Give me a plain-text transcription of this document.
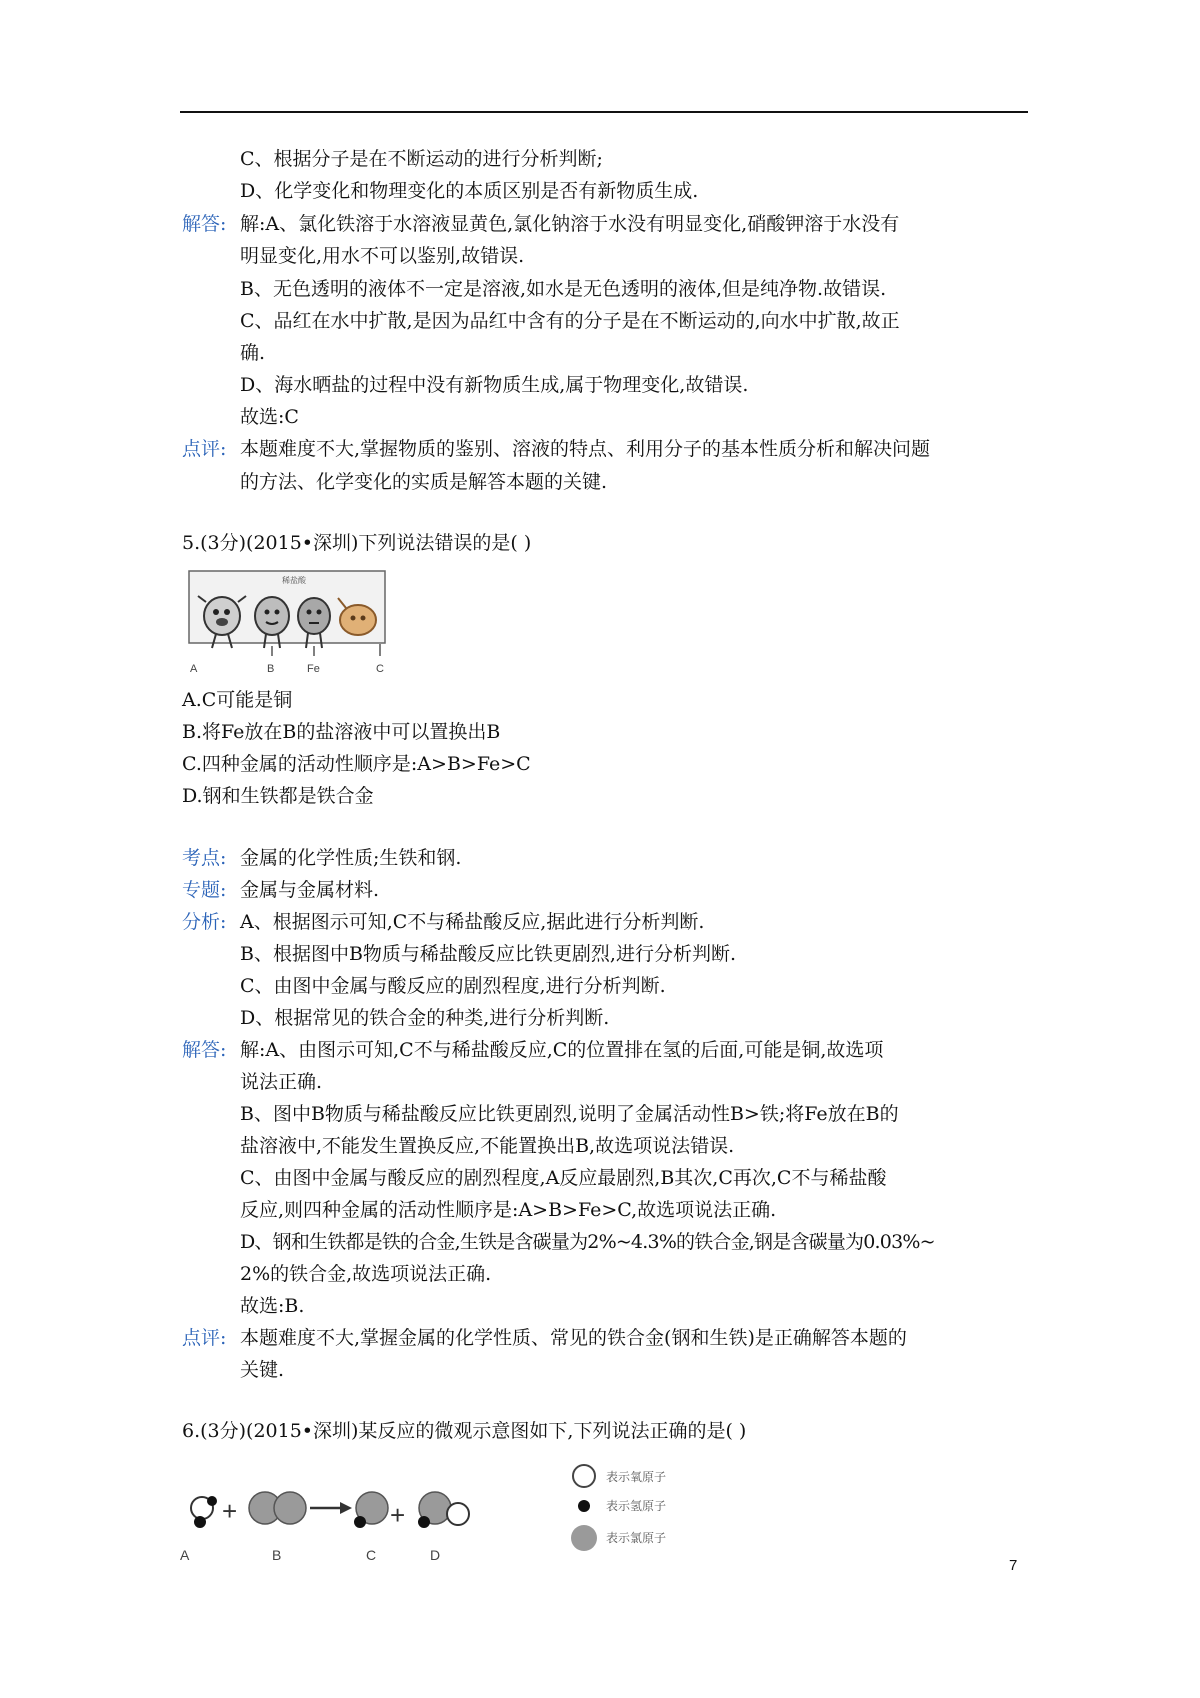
C、根据分子是在不断运动的进行分析判断;
D、化学变化和物理变化的本质区别是否有新物质生成.
解答: 解:A、氯化铁溶于水溶液显黄色,氯化钠溶于水没有明显变化,硝酸钾溶于水没有
明显变化,用水不可以鉴别,故错误.
B、无色透明的液体不一定是溶液,如水是无色透明的液体,但是纯净物.故错误.
C、品红在水中扩散,是因为品红中含有的分子是在不断运动的,向水中扩散,故正
确.
D、海水晒盐的过程中没有新物质生成,属于物理变化,故错误.
故选:C
点评: 本题难度不大,掌握物质的鉴别、溶液的特点、利用分子的基本性质分析和解决问题
的方法、化学变化的实质是解答本题的关键.
5.(3分)(2015•深圳)下列说法错误的是( )
稀盐酸
A	B	Fe	C
A.C可能是铜
B.将Fe放在B的盐溶液中可以置换出B
C.四种金属的活动性顺序是:A>B>Fe>C
D.钢和生铁都是铁合金
考点: 金属的化学性质;生铁和钢.
专题: 金属与金属材料.
分析: A、根据图示可知,C不与稀盐酸反应,据此进行分析判断.
B、根据图中B物质与稀盐酸反应比铁更剧烈,进行分析判断.
C、由图中金属与酸反应的剧烈程度,进行分析判断.
D、根据常见的铁合金的种类,进行分析判断.
解答: 解:A、由图示可知,C不与稀盐酸反应,C的位置排在氢的后面,可能是铜,故选项
说法正确.
B、图中B物质与稀盐酸反应比铁更剧烈,说明了金属活动性B>铁;将Fe放在B的
盐溶液中,不能发生置换反应,不能置换出B,故选项说法错误.
C、由图中金属与酸反应的剧烈程度,A反应最剧烈,B其次,C再次,C不与稀盐酸
反应,则四种金属的活动性顺序是:A>B>Fe>C,故选项说法正确.
D、钢和生铁都是铁的合金,生铁是含碳量为2%~4.3%的铁合金,钢是含碳量为0.03%~
2%的铁合金,故选项说法正确.
故选:B.
点评: 本题难度不大,掌握金属的化学性质、常见的铁合金(钢和生铁)是正确解答本题的
关键.
6.(3分)(2015•深圳)某反应的微观示意图如下,下列说法正确的是( )
+	+
A	B	C	D
表示氧原子
表示氢原子
表示氯原子
7
